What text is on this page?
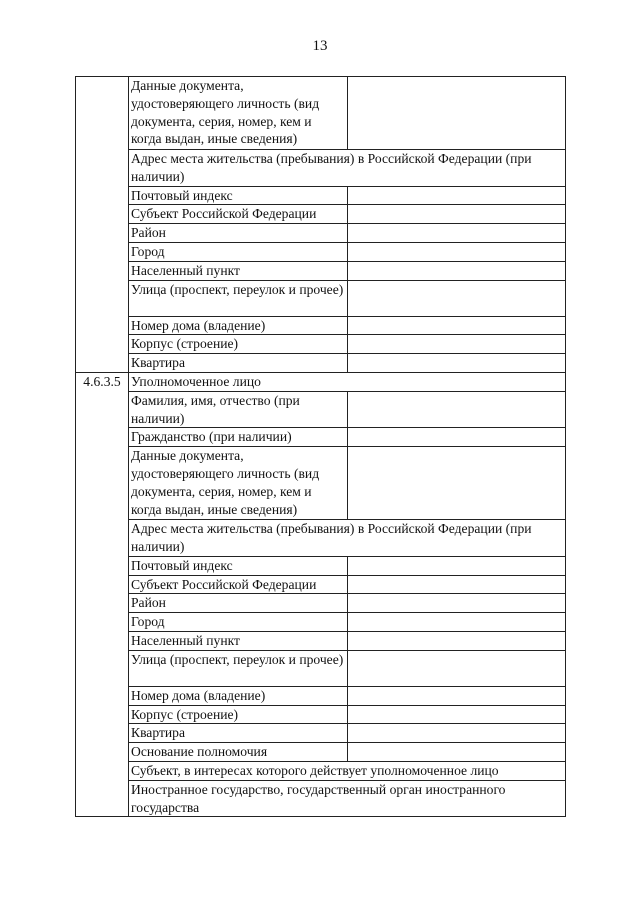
13
	Данные документа, удостоверяющего личность (вид документа, серия, номер, кем и когда выдан, иные сведения)	
	Адрес места жительства (пребывания) в Российской Федерации (при наличии)	
	Почтовый индекс	

	Субъект Российской Федерации	
	Район	
	Город	
	Населенный пункт	
	Улица (проспект, переулок и прочее)	
	Номер дома (владение)	
	Корпус (строение)	
	Квартира	
4.6.3.5	Уполномоченное лицо	
	Фамилия, имя, отчество (при наличии)	
	Гражданство (при наличии)	
	Данные документа, удостоверяющего личность (вид документа, серия, номер, кем и когда выдан, иные сведения)	
	Адрес места жительства (пребывания) в Российской Федерации (при наличии)	
	Почтовый индекс	

	Субъект Российской Федерации	
	Район	
	Город	
	Населенный пункт	
	Улица (проспект, переулок и прочее)	
	Номер дома (владение)	
	Корпус (строение)	
	Квартира	
	Основание полномочия	
	Субъект, в интересах которого действует уполномоченное лицо	
	Иностранное государство, государственный орган иностранного государства	
